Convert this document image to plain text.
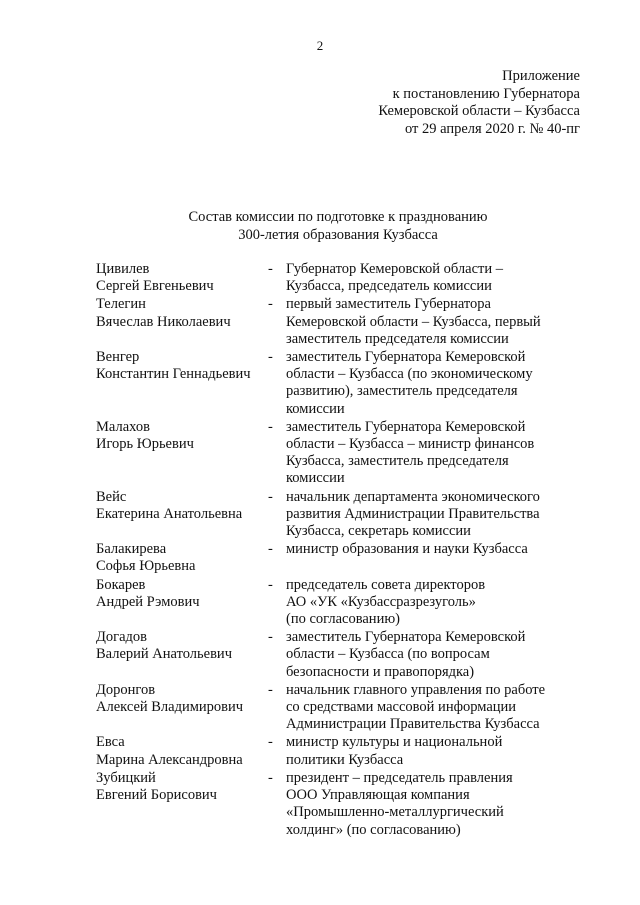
2
Приложение
к постановлению Губернатора
Кемеровской области – Кузбасса
от 29 апреля 2020 г. № 40-пг
Состав комиссии по подготовке к празднованию
300-летия образования Кузбасса
Цивилев
Сергей Евгеньевич
- Губернатор Кемеровской области –
Кузбасса, председатель комиссии
Телегин
Вячеслав Николаевич
- первый заместитель Губернатора
Кемеровской области – Кузбасса, первый
заместитель председателя комиссии
Венгер
Константин Геннадьевич
- заместитель Губернатора Кемеровской
области – Кузбасса (по экономическому
развитию), заместитель председателя
комиссии
Малахов
Игорь Юрьевич
- заместитель Губернатора Кемеровской
области – Кузбасса – министр финансов
Кузбасса, заместитель председателя
комиссии
Вейс
Екатерина Анатольевна
- начальник департамента экономического
развития Администрации Правительства
Кузбасса, секретарь комиссии
Балакирева
Софья Юрьевна
- министр образования и науки Кузбасса
Бокарев
Андрей Рэмович
- председатель совета директоров
АО «УК «Кузбассразрезуголь»
(по согласованию)
Догадов
Валерий Анатольевич
- заместитель Губернатора Кемеровской
области – Кузбасса (по вопросам
безопасности и правопорядка)
Доронгов
Алексей Владимирович
- начальник главного управления по работе
со средствами массовой информации
Администрации Правительства Кузбасса
Евса
Марина Александровна
- министр культуры и национальной
политики Кузбасса
Зубицкий
Евгений Борисович
- президент – председатель правления
ООО Управляющая компания
«Промышленно-металлургический
холдинг» (по согласованию)
